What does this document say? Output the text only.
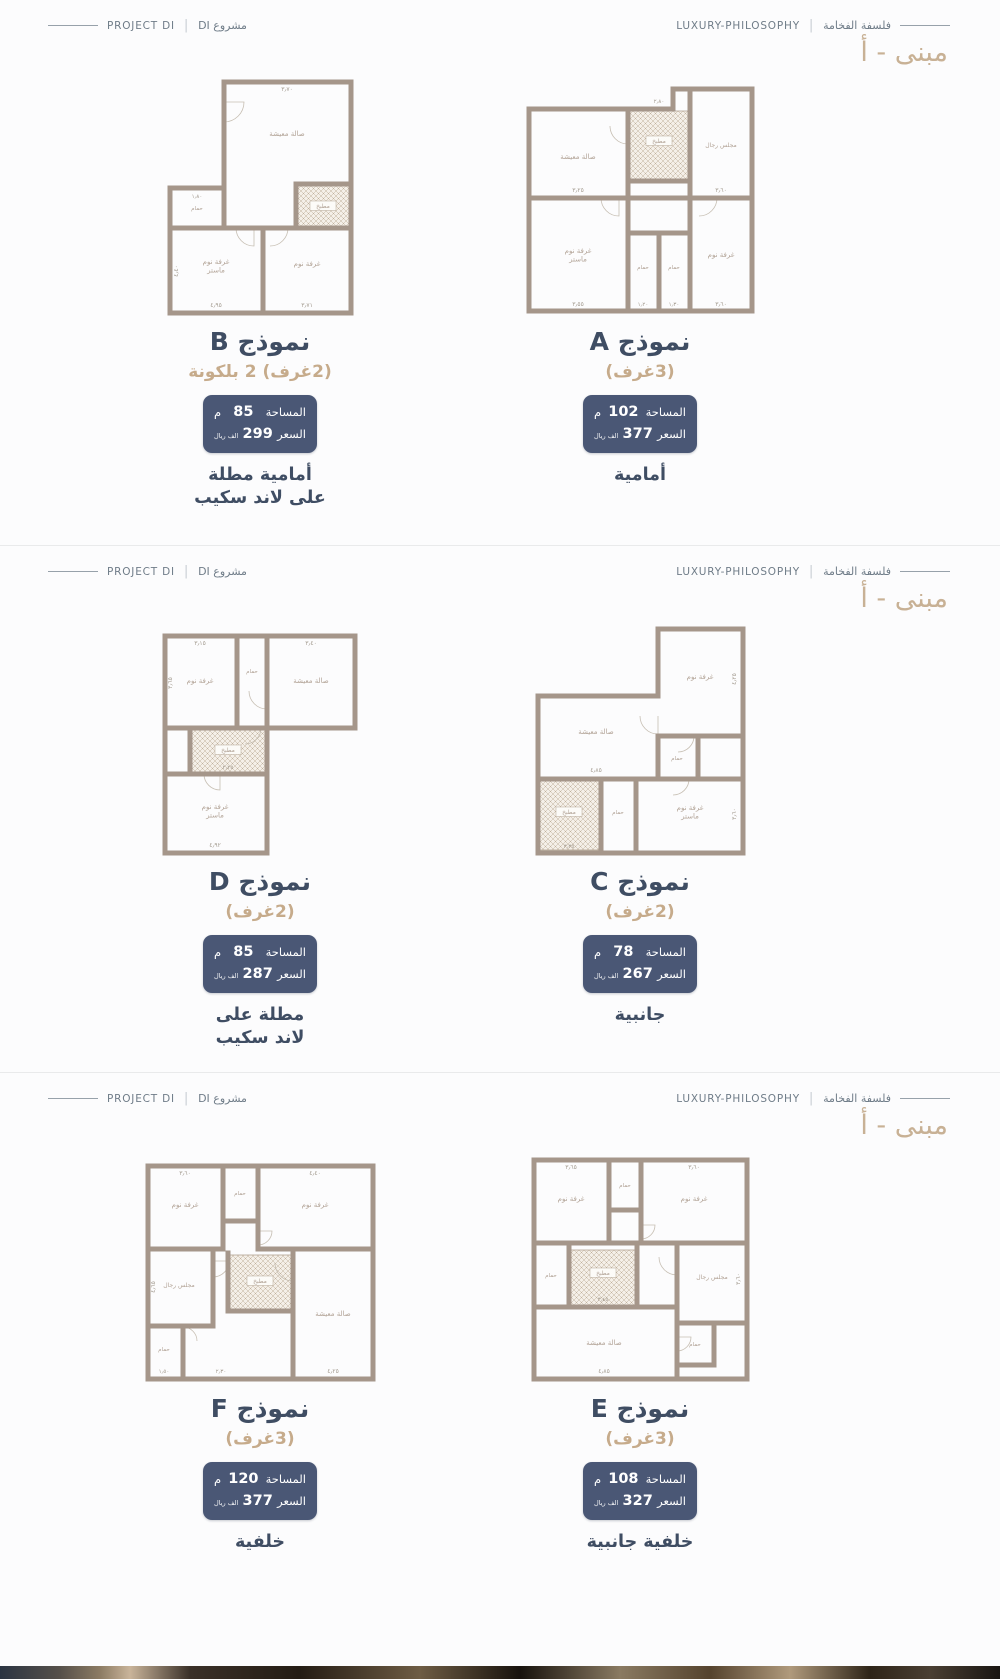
PROJECT DI | مشروع DI	LUXURY-PHILOSOPHY | فلسفة الفخامة
مبنى - أ
صالة معيشة
مطبخ
حمام
غرفة نوم ماستر
غرفة نوم
٣٫٧٠
١٫٨٠
٤٫٩٥	٣٫٧١
٤٫٤٠
نموذج B
(2غرف) 2 بلكونة
المساحة
85
م
السعر
299
الف ريال
أمامية مطلة
على لاند سكيب
صالة معيشة
مطبخ
مجلس رجال
غرفة نوم ماستر
حمام	حمام
غرفة نوم
٢٫٨٠
٣٫٢٥	٣٫٦٠
٣٫٥٥	١٫٢٠	١٫٣٠	٣٫٦٠
نموذج A
(3غرف)
المساحة
102
م
السعر
377
الف ريال
أمامية

PROJECT DI | مشروع DI	LUXURY-PHILOSOPHY | فلسفة الفخامة
مبنى - أ
غرفة نوم
حمام
صالة معيشة
مطبخ
غرفة نوم ماستر
٣٫١٥	٣٫٤٠
٢٫٢٥
٤٫٩٢
٣٫٦٥
نموذج D
(2غرف)
المساحة
85
م
السعر
287
الف ريال
مطلة على
لاند سكيب
غرفة نوم
صالة معيشة
حمام
مطبخ	حمام
غرفة نوم ماستر
٤٫٨٥
٤٫٢٥
٣٫٦٠
٣٫٣٥
نموذج C
(2غرف)
المساحة
78
م
السعر
267
الف ريال
جانبية

PROJECT DI | مشروع DI	LUXURY-PHILOSOPHY | فلسفة الفخامة
مبنى - أ
غرفة نوم
حمام
غرفة نوم
مجلس رجال
مطبخ
صالة معيشة
حمام
٣٫٦٠	٤٫٤٠
٤٫٢٥
١٫٥٠	٢٫٣٠
٤٫٦٥
نموذج F
(3غرف)
المساحة
120
م
السعر
377
الف ريال
خلفية

غرفة نوم
حمام
غرفة نوم
حمام	مطبخ
مجلس رجال
حمام
صالة معيشة
٣٫٦٥	٣٫٦٠
٣٫٤٥
٤٫٨٥
٣٫٦٠
نموذج E
(3غرف)
المساحة
108
م
السعر
327
الف ريال
خلفية جانبية
